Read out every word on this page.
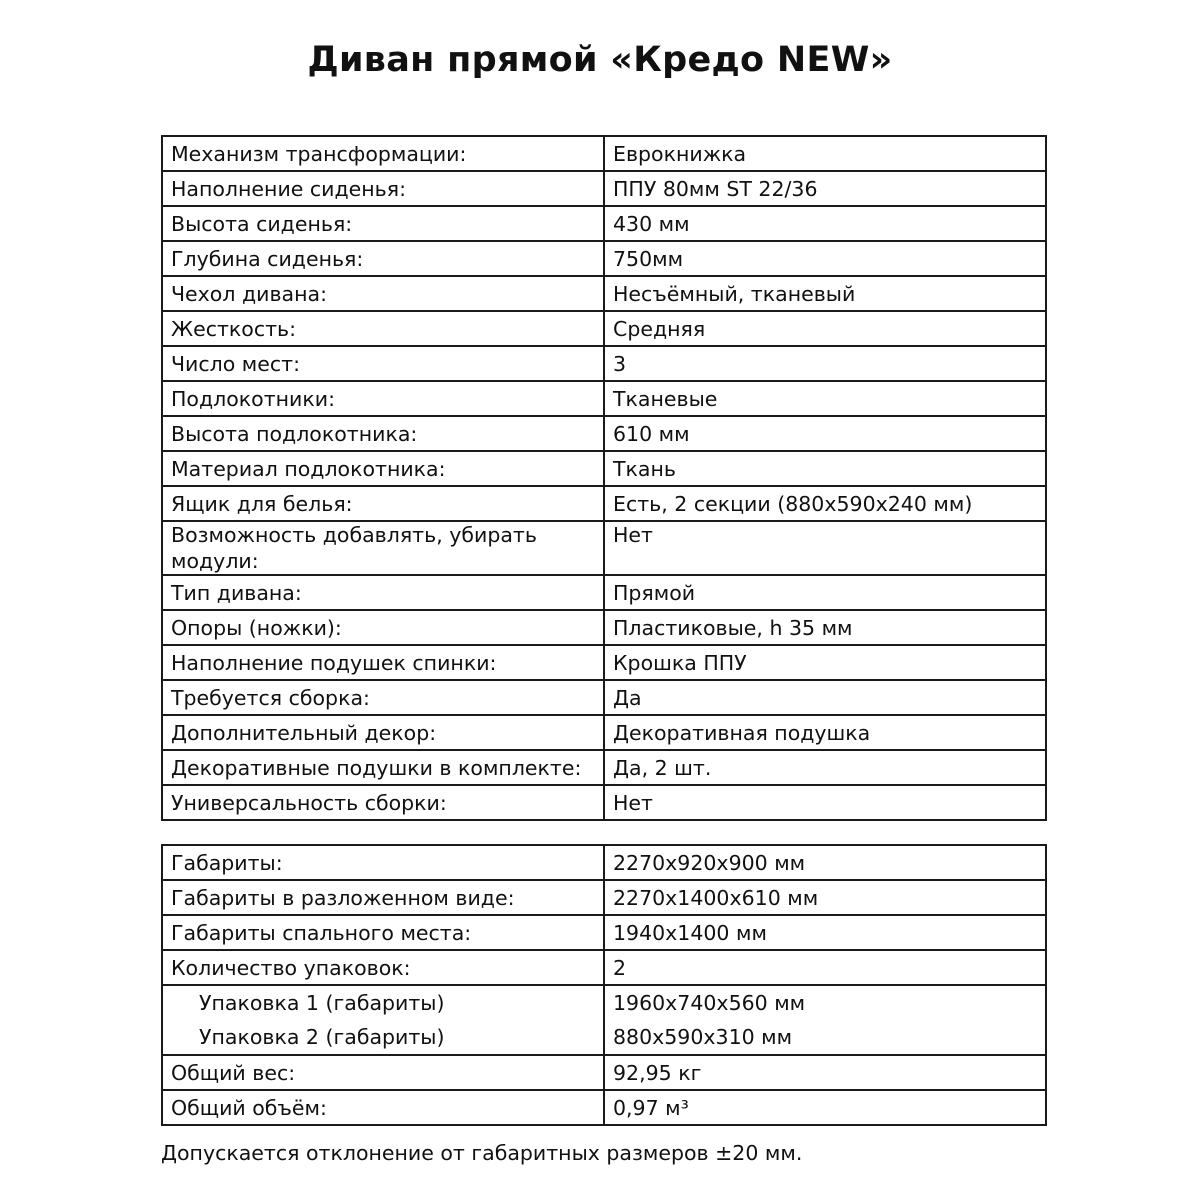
Диван прямой «Кредо NEW»
Механизм трансформации:	Еврокнижка
Наполнение сиденья:	ППУ 80мм ST 22/36
Высота сиденья:	430 мм
Глубина сиденья:	750мм
Чехол дивана:	Несъёмный, тканевый
Жесткость:	Средняя
Число мест:	3
Подлокотники:	Тканевые
Высота подлокотника:	610 мм
Материал подлокотника:	Ткань
Ящик для белья:	Есть, 2 секции (880х590х240 мм)
Возможность добавлять, убирать модули:	Нет
Тип дивана:	Прямой
Опоры (ножки):	Пластиковые, h 35 мм
Наполнение подушек спинки:	Крошка ППУ
Требуется сборка:	Да
Дополнительный декор:	Декоративная подушка
Декоративные подушки в комплекте:	Да, 2 шт.
Универсальность сборки:	Нет
Габариты:	2270х920х900 мм
Габариты в разложенном виде:	2270х1400х610 мм
Габариты спального места:	1940х1400 мм
Количество упаковок:	2
Упаковка 1 (габариты)	1960х740х560 мм
Упаковка 2 (габариты)	880х590х310 мм
Общий вес:	92,95 кг
Общий объём:	0,97 м³
Допускается отклонение от габаритных размеров ±20 мм.
